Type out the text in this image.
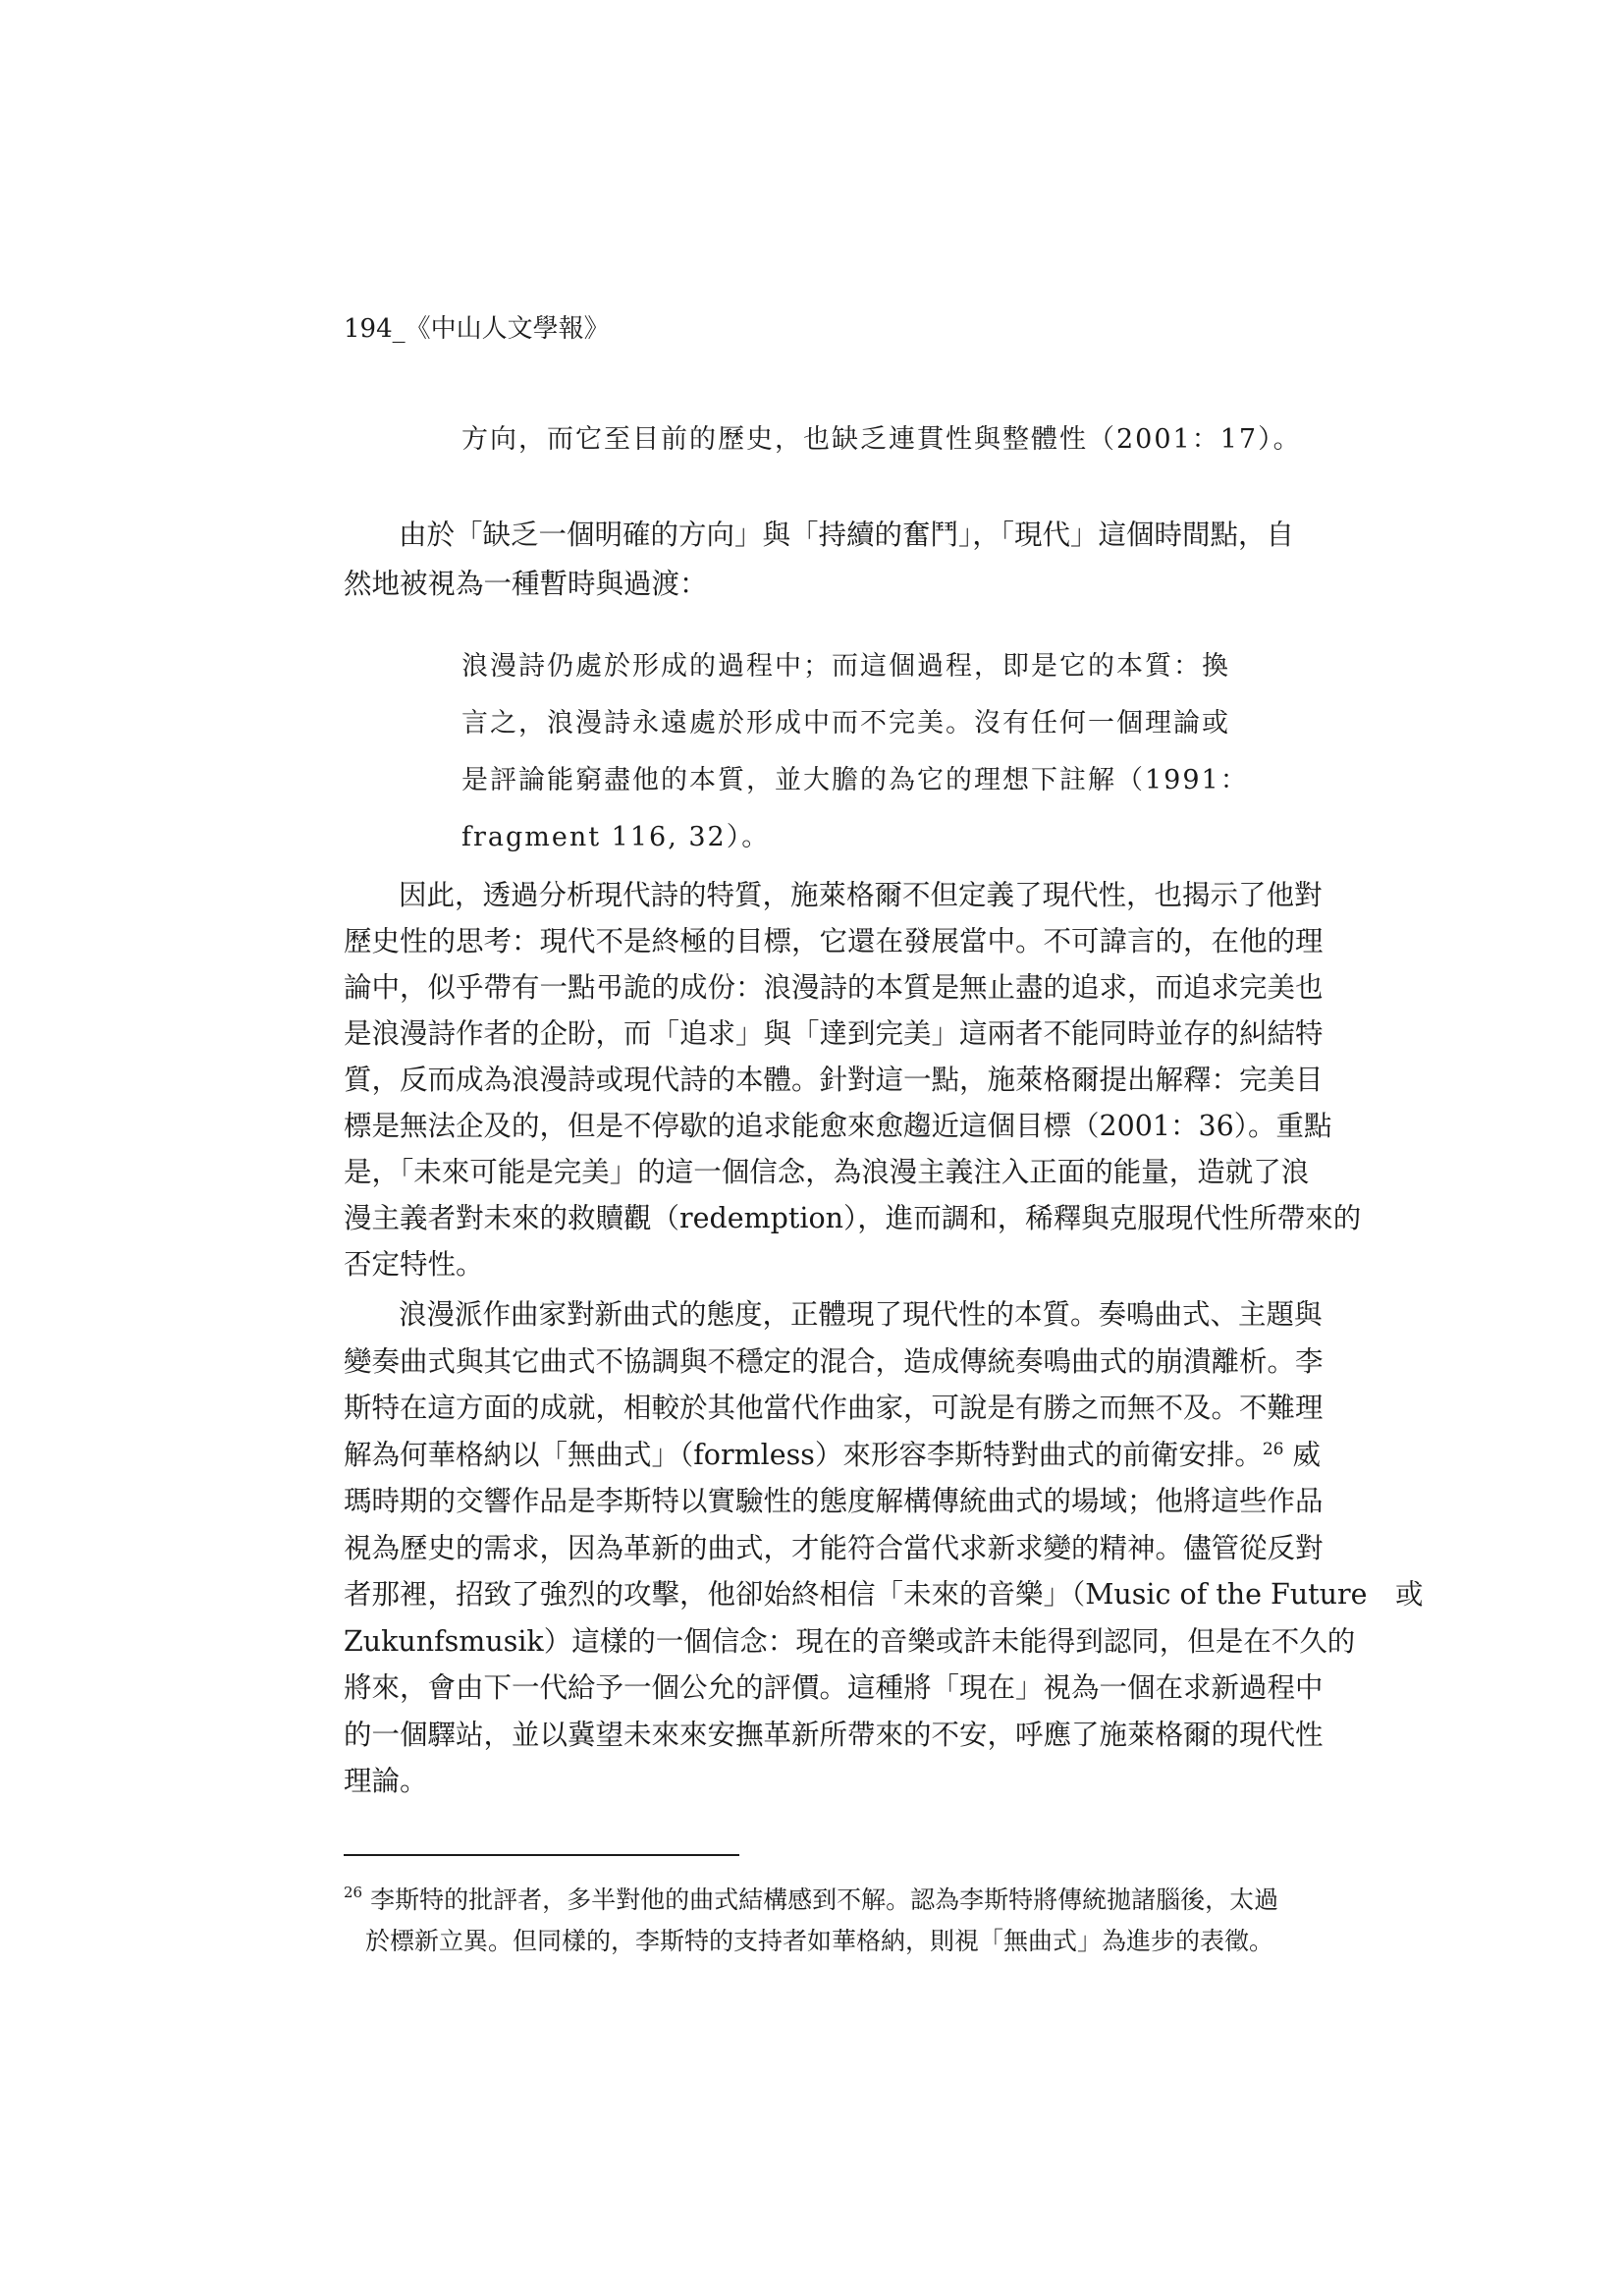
194_《中山人文學報》
方向，而它至目前的歷史，也缺乏連貫性與整體性（2001：17）。
由於「缺乏一個明確的方向」與「持續的奮鬥」，「現代」這個時間點，自
然地被視為一種暫時與過渡：
浪漫詩仍處於形成的過程中；而這個過程，即是它的本質：換
言之，浪漫詩永遠處於形成中而不完美。沒有任何一個理論或
是評論能窮盡他的本質，並大膽的為它的理想下註解（1991：
fragment 116, 32）。
因此，透過分析現代詩的特質，施萊格爾不但定義了現代性，也揭示了他對
歷史性的思考：現代不是終極的目標，它還在發展當中。不可諱言的，在他的理
論中，似乎帶有一點弔詭的成份：浪漫詩的本質是無止盡的追求，而追求完美也
是浪漫詩作者的企盼，而「追求」與「達到完美」這兩者不能同時並存的糾結特
質，反而成為浪漫詩或現代詩的本體。針對這一點，施萊格爾提出解釋：完美目
標是無法企及的，但是不停歇的追求能愈來愈趨近這個目標（2001：36）。重點
是，「未來可能是完美」的這一個信念，為浪漫主義注入正面的能量，造就了浪
漫主義者對未來的救贖觀（redemption），進而調和，稀釋與克服現代性所帶來的
否定特性。
浪漫派作曲家對新曲式的態度，正體現了現代性的本質。奏鳴曲式、主題與
變奏曲式與其它曲式不協調與不穩定的混合，造成傳統奏鳴曲式的崩潰離析。李
斯特在這方面的成就，相較於其他當代作曲家，可說是有勝之而無不及。不難理
解為何華格納以「無曲式」（formless）來形容李斯特對曲式的前衛安排。$^{26}$ 威
瑪時期的交響作品是李斯特以實驗性的態度解構傳統曲式的場域；他將這些作品
視為歷史的需求，因為革新的曲式，才能符合當代求新求變的精神。儘管從反對
者那裡，招致了強烈的攻擊，他卻始終相信「未來的音樂」（Music of the Future　或
Zukunfsmusik）這樣的一個信念：現在的音樂或許未能得到認同，但是在不久的
將來，會由下一代給予一個公允的評價。這種將「現在」視為一個在求新過程中
的一個驛站，並以冀望未來來安撫革新所帶來的不安，呼應了施萊格爾的現代性
理論。
$^{26}$ 李斯特的批評者，多半對他的曲式結構感到不解。認為李斯特將傳統拋諸腦後，太過
於標新立異。但同樣的，李斯特的支持者如華格納，則視「無曲式」為進步的表徵。
